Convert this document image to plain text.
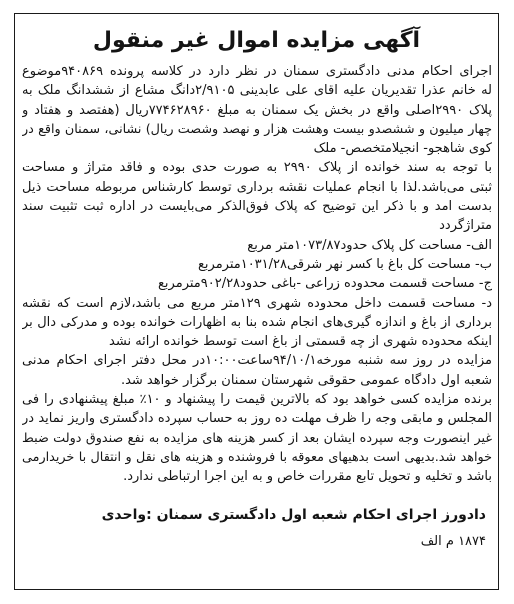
آگهی مزایده اموال غیر منقول
اجرای احکام مدنی دادگستری سمنان در نظر دارد در کلاسه پرونده ۹۴۰۸۶۹موضوع
له خانم عذرا تقدیریان علیه اقای علی عابدینی ۲/۹۱۰۵دانگ مشاع از ششدانگ ملک به
پلاک ۲۹۹۰اصلی واقع در بخش یک سمنان به مبلغ ۷۷۴۶۲۸۹۶۰ریال (هفتصد و هفتاد و
چهار میلیون و ششصدو بیست وهشت هزار و نهصد وشصت ریال) نشانی، سمنان واقع در
کوی شاهجو- انجیلامتخصص- ملک
با توجه به سند خوانده از پلاک ۲۹۹۰ به صورت حدی بوده و فاقد متراژ و مساحت
ثبتی می‌باشد.لذا با انجام عملیات نقشه برداری توسط کارشناس مربوطه مساحت ذیل
بدست امد و با ذکر این توضیح که پلاک فوق‌الذکر می‌بایست در اداره ثبت تثبیت سند
متراژگردد
الف- مساحت کل پلاک حدود۱۰۷۳/۸۷متر مربع
ب- مساحت کل باغ با کسر نهر شرقی۱۰۳۱/۲۸مترمربع
ج- مساحت قسمت محدوده زراعی -باغی حدود۹۰۲/۲۸مترمربع
د- مساحت قسمت داخل محدوده شهری ۱۲۹متر مربع می باشد،لازم است که نقشه
برداری از باغ و اندازه گیری‌های انجام شده بنا به اظهارات خوانده بوده و مدرکی دال بر
اینکه محدوده شهری از چه قسمتی از باغ است توسط خوانده ارائه نشد
مزایده در روز سه شنبه مورخه۹۴/۱۰/۱ساعت۱۰:۰۰در محل دفتر اجرای احکام مدنی
شعبه اول دادگاه عمومی حقوقی شهرستان سمنان برگزار خواهد شد.
برنده مزایده کسی خواهد بود که بالاترین قیمت را پیشنهاد و ۱۰٪ مبلغ پیشنهادی را فی
المجلس و مابقی وجه را ظرف مهلت ده روز به حساب سپرده دادگستری واریز نماید در
غیر اینصورت وجه سپرده ایشان بعد از کسر هزینه های مزایده به نفع صندوق دولت ضبط
خواهد شد.بدیهی است بدهیهای معوقه با فروشنده و هزینه های نقل و انتقال با خریدارمی
باشد و تخلیه و تحویل تابع مقررات خاص و به این اجرا ارتباطی ندارد.
دادورز اجرای احکام شعبه اول دادگستری سمنان :واحدی
۱۸۷۴ م الف
